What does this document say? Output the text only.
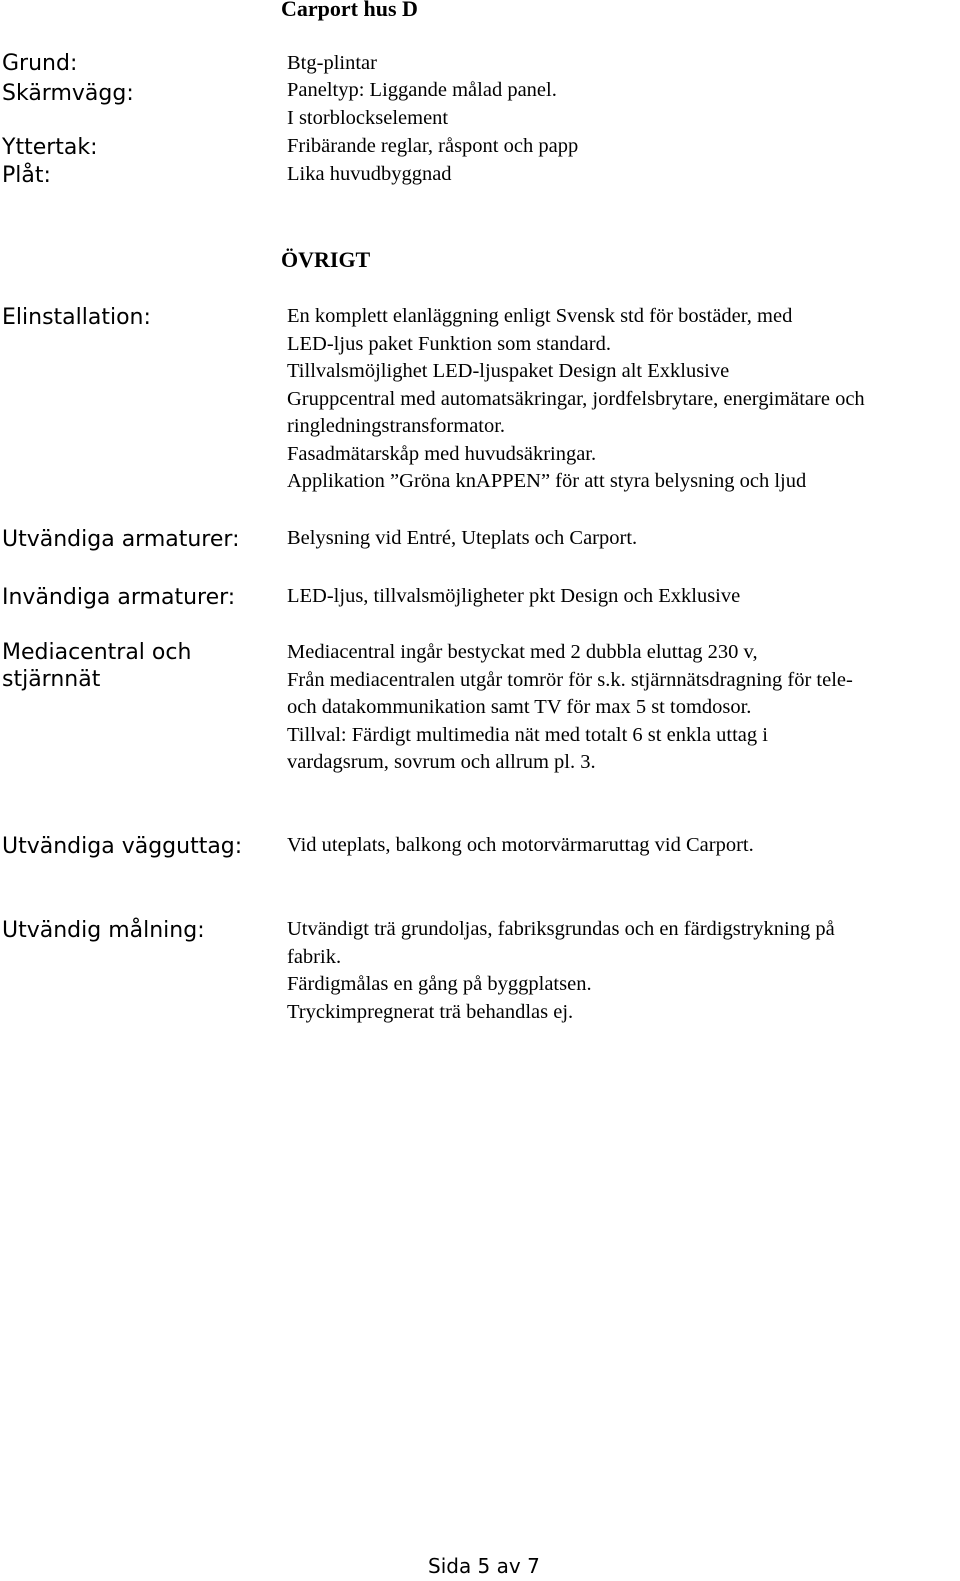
Carport hus D
Grund:	Btg-plintar
Skärmvägg:	Paneltyp: Liggande målad panel.
I storblockselement
Yttertak:	Fribärande reglar, råspont och papp
Plåt:	Lika huvudbyggnad
ÖVRIGT
Elinstallation:	En komplett elanläggning enligt Svensk std för bostäder, med
LED-ljus paket Funktion som standard.
Tillvalsmöjlighet LED-ljuspaket Design alt Exklusive
Gruppcentral med automatsäkringar, jordfelsbrytare, energimätare och
ringledningstransformator.
Fasadmätarskåp med huvudsäkringar.
Applikation ”Gröna knAPPEN” för att styra belysning och ljud
Utvändiga armaturer: Belysning vid Entré, Uteplats och Carport.
Invändiga armaturer:	LED-ljus, tillvalsmöjligheter pkt Design och Exklusive
Mediacentral och
stjärnnät
Mediacentral ingår bestyckat med 2 dubbla eluttag 230 v,
Från mediacentralen utgår tomrör för s.k. stjärnnätsdragning för tele-
och datakommunikation samt TV för max 5 st tomdosor.
Tillval: Färdigt multimedia nät med totalt 6 st enkla uttag i
vardagsrum, sovrum och allrum pl. 3.
Utvändiga vägguttag: Vid uteplats, balkong och motorvärmaruttag vid Carport.
Utvändig målning:	Utvändigt trä grundoljas, fabriksgrundas och en färdigstrykning på
fabrik.
Färdigmålas en gång på byggplatsen.
Tryckimpregnerat trä behandlas ej.
Sida 5 av 7
